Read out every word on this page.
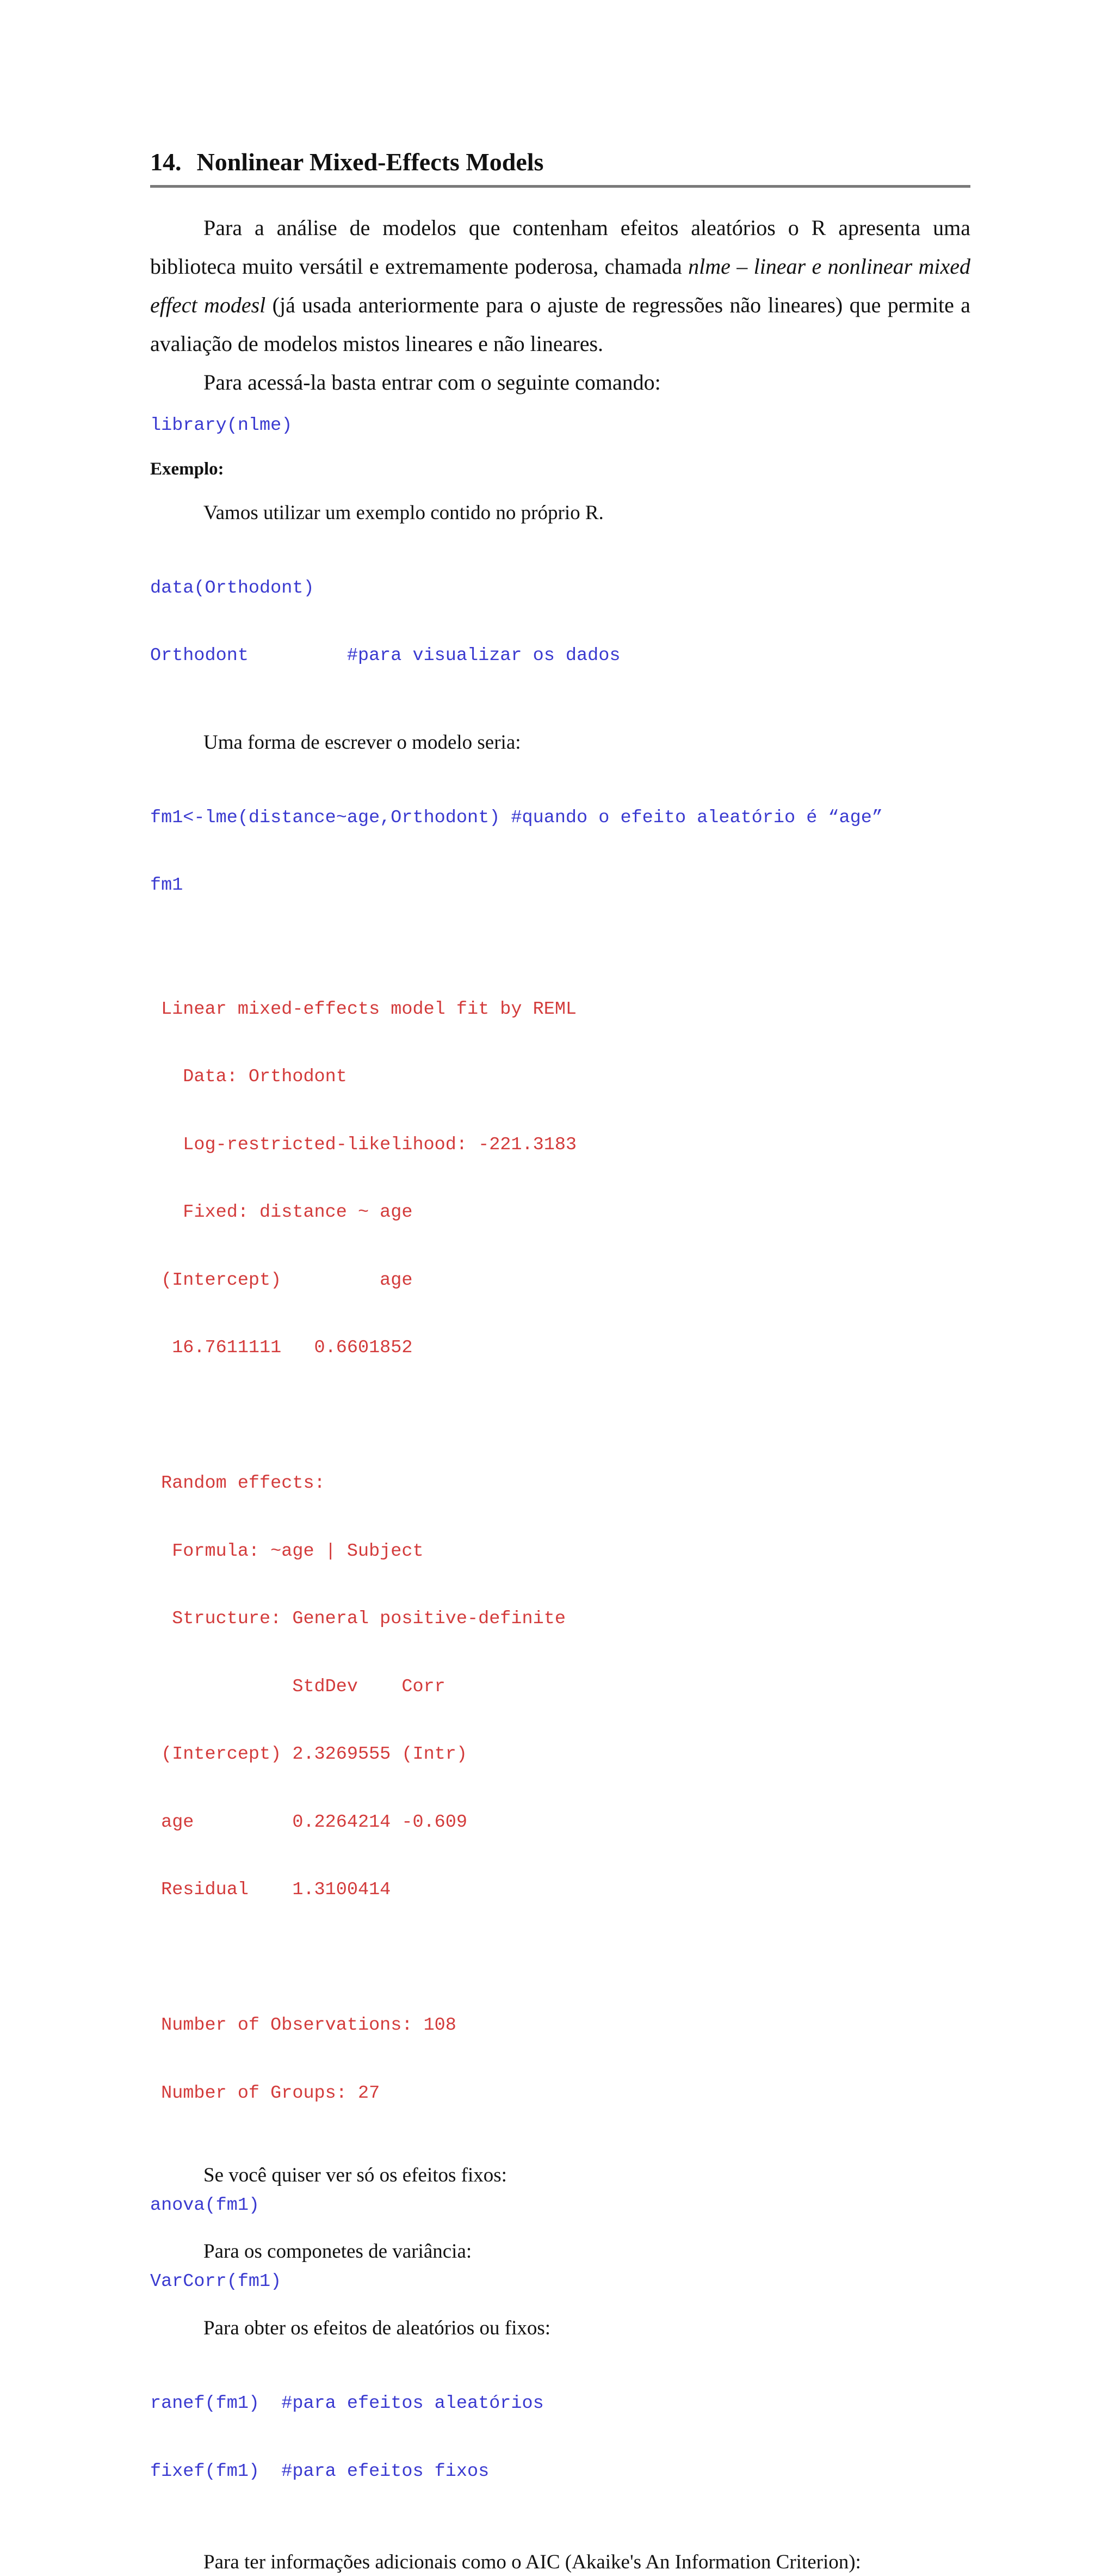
14. Nonlinear Mixed-Effects Models

Para a análise de modelos que contenham efeitos aleatórios o R apresenta uma biblioteca muito versátil e extremamente poderosa, chamada nlme – linear e nonlinear mixed effect modesl (já usada anteriormente para o ajuste de regressões não lineares) que permite a avaliação de modelos mistos lineares e não lineares.

Para acessá-la basta entrar com o seguinte comando:

library(nlme)

Exemplo:

Vamos utilizar um exemplo contido no próprio R.

data(Orthodont)

Orthodont         #para visualizar os dados

Uma forma de escrever o modelo seria:

fm1<-lme(distance~age,Orthodont) #quando o efeito aleatório é “age”

fm1

Linear mixed-effects model fit by REML

Data: Orthodont

Log-restricted-likelihood: -221.3183

Fixed: distance ~ age

(Intercept)         age

16.7611111   0.6601852

Random effects:

Formula: ~age | Subject

Structure: General positive-definite

StdDev    Corr

(Intercept) 2.3269555 (Intr)

age         0.2264214 -0.609

Residual    1.3100414

Number of Observations: 108

Number of Groups: 27

Se você quiser ver só os efeitos fixos:

anova(fm1)

Para os componetes de variância:

VarCorr(fm1)

Para obter os efeitos de aleatórios ou fixos:

ranef(fm1)  #para efeitos aleatórios

fixef(fm1)  #para efeitos fixos

Para ter informações adicionais como o AIC (Akaike's An Information Criterion):
